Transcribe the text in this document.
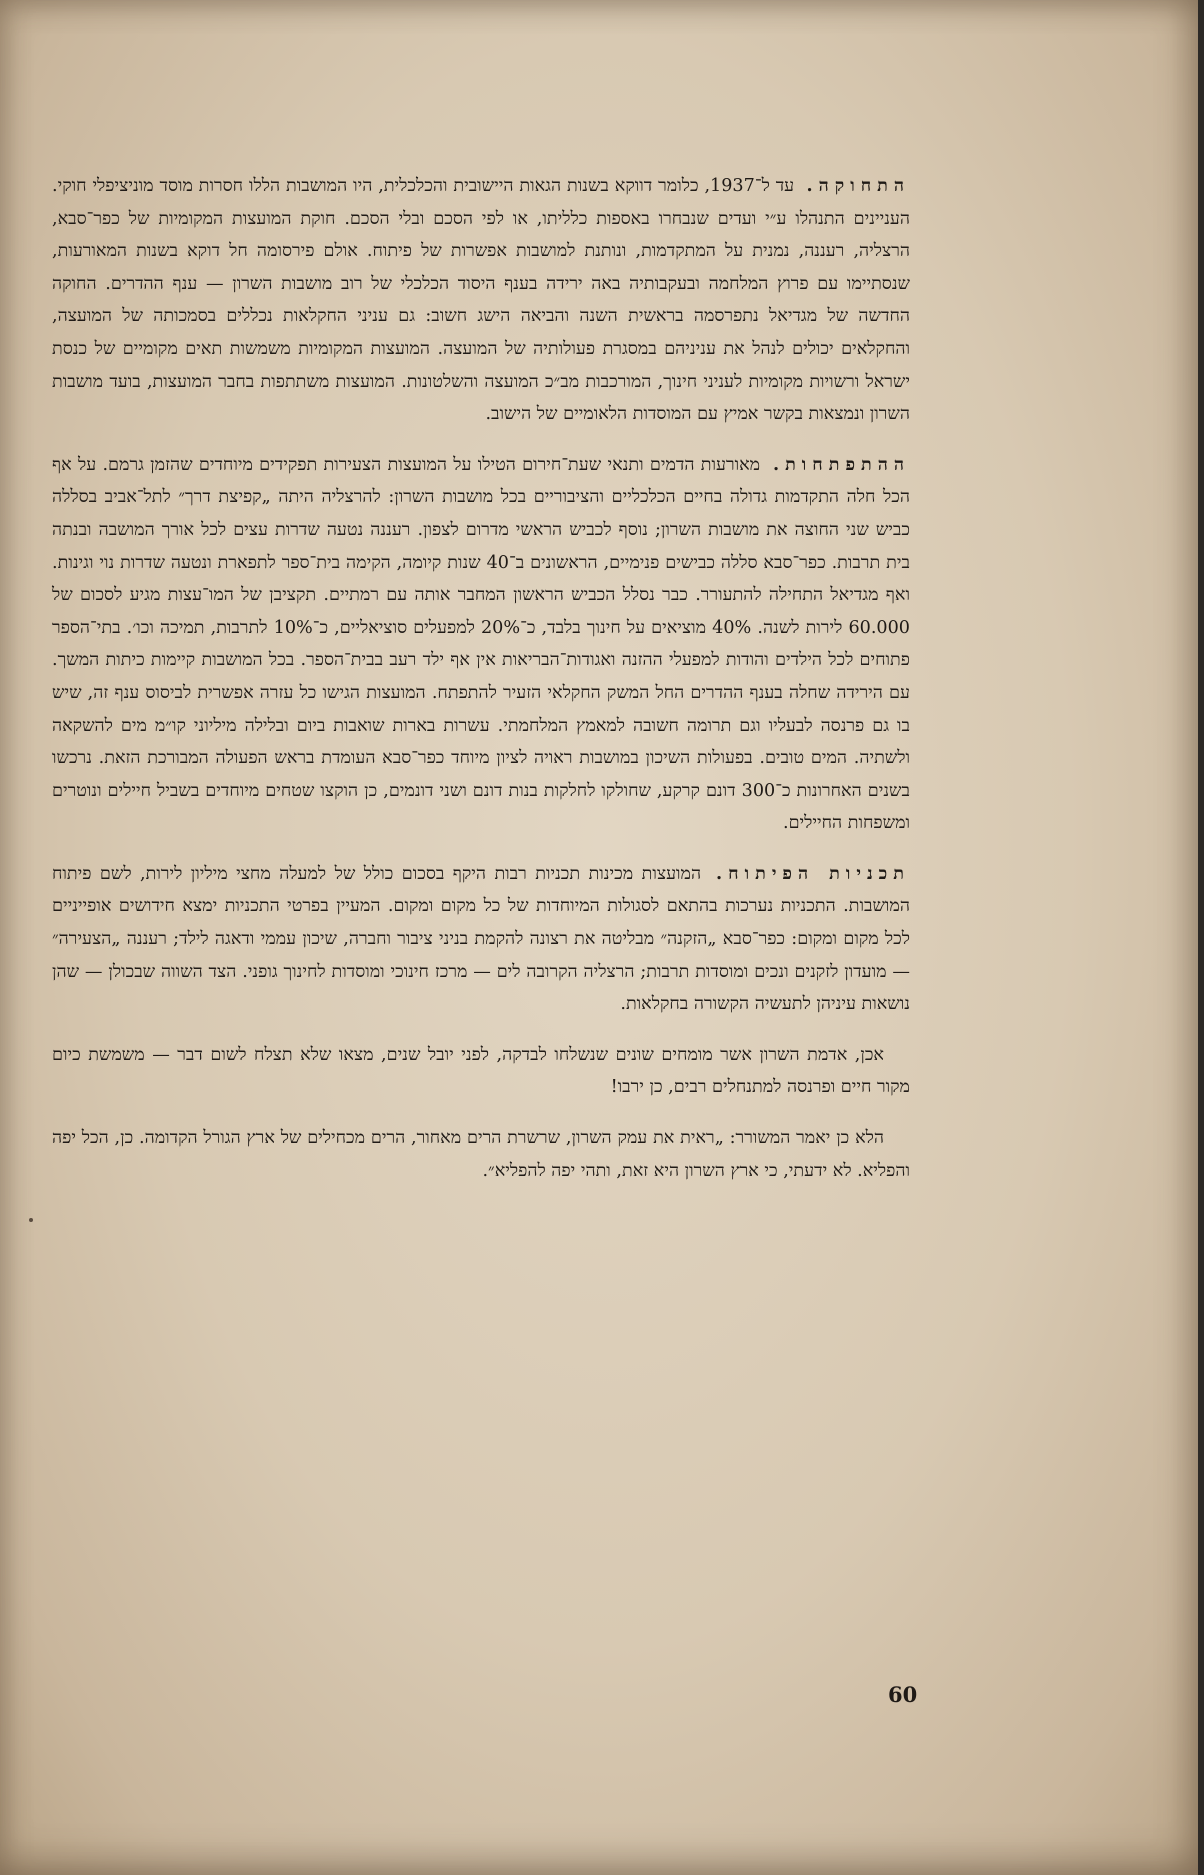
התחוקה. עד ל־1937, כלומר דווקא בשנות הגאות היישובית והכלכלית, היו המושבות הללו חסרות מוסד מוניציפלי חוקי. העניינים התנהלו ע״י ועדים שנבחרו באספות כלליתו, או לפי הסכם ובלי הסכם. חוקת המועצות המקומיות של כפר־סבא, הרצליה, רעננה, נמנית על המתקדמות, ונותנת למושבות אפשרות של פיתוח. אולם פירסומה חל דוקא בשנות המאורעות, שנסתיימו עם פרוץ המלחמה ובעקבותיה באה ירידה בענף היסוד הכלכלי של רוב מושבות השרון — ענף ההדרים. החוקה החדשה של מגדיאל נתפרסמה בראשית השנה והביאה הישג חשוב: גם עניני החקלאות נכללים בסמכותה של המועצה, והחקלאים יכולים לנהל את עניניהם במסגרת פעולותיה של המועצה. המועצות המקומיות משמשות תאים מקומיים של כנסת ישראל ורשויות מקומיות לעניני חינוך, המורכבות מב״כ המועצה והשלטונות. המועצות משתתפות בחבר המועצות, בועד מושבות השרון ונמצאות בקשר אמיץ עם המוסדות הלאומיים של הישוב.

ההתפתחות. מאורעות הדמים ותנאי שעת־חירום הטילו על המועצות הצעירות תפקידים מיוחדים שהזמן גרמם. על אף הכל חלה התקדמות גדולה בחיים הכלכליים והציבוריים בכל מושבות השרון: להרצליה היתה „קפיצת דרך״ לתל־אביב בסללה כביש שני החוצה את מושבות השרון; נוסף לכביש הראשי מדרום לצפון. רעננה נטעה שדרות עצים לכל אורך המושבה ובנתה בית תרבות. כפר־סבא סללה כבישים פנימיים, הראשונים ב־40 שנות קיומה, הקימה בית־ספר לתפארת ונטעה שדרות נוי וגינות. ואף מגדיאל התחילה להתעורר. כבר נסלל הכביש הראשון המחבר אותה עם רמתיים. תקציבן של המו־עצות מגיע לסכום של 60.000 לירות לשנה. 40% מוציאים על חינוך בלבד, כ־20% למפעלים סוציאליים, כ־10% לתרבות, תמיכה וכו׳. בתי־הספר פתוחים לכל הילדים והודות למפעלי ההזנה ואגודות־הבריאות אין אף ילד רעב בבית־הספר. בכל המושבות קיימות כיתות המשך. עם הירידה שחלה בענף ההדרים החל המשק החקלאי הזעיר להתפתח. המועצות הגישו כל עזרה אפשרית לביסוס ענף זה, שיש בו גם פרנסה לבעליו וגם תרומה חשובה למאמץ המלחמתי. עשרות בארות שואבות ביום ובלילה מיליוני קו״מ מים להשקאה ולשתיה. המים טובים. בפעולות השיכון במושבות ראויה לציון מיוחד כפר־סבא העומדת בראש הפעולה המבורכת הזאת. נרכשו בשנים האחרונות כ־300 דונם קרקע, שחולקו לחלקות בנות דונם ושני דונמים, כן הוקצו שטחים מיוחדים בשביל חיילים ונוטרים ומשפחות החיילים.

תכניות הפיתוח. המועצות מכינות תכניות רבות היקף בסכום כולל של למעלה מחצי מיליון לירות, לשם פיתוח המושבות. התכניות נערכות בהתאם לסגולות המיוחדות של כל מקום ומקום. המעיין בפרטי התכניות ימצא חידושים אופייניים לכל מקום ומקום: כפר־סבא „הזקנה״ מבליטה את רצונה להקמת בניני ציבור וחברה, שיכון עממי ודאגה לילד; רעננה „הצעירה״ — מועדון לזקנים ונכים ומוסדות תרבות; הרצליה הקרובה לים — מרכז חינוכי ומוסדות לחינוך גופני. הצד השווה שבכולן — שהן נושאות עיניהן לתעשיה הקשורה בחקלאות.

אכן, אדמת השרון אשר מומחים שונים שנשלחו לבדקה, לפני יובל שנים, מצאו שלא תצלח לשום דבר — משמשת כיום מקור חיים ופרנסה למתנחלים רבים, כן ירבו!

הלא כן יאמר המשורר: „ראית את עמק השרון, שרשרת הרים מאחור, הרים מכחילים של ארץ הגורל הקדומה. כן, הכל יפה והפליא. לא ידעתי, כי ארץ השרון היא זאת, ותהי יפה להפליא״.

60
